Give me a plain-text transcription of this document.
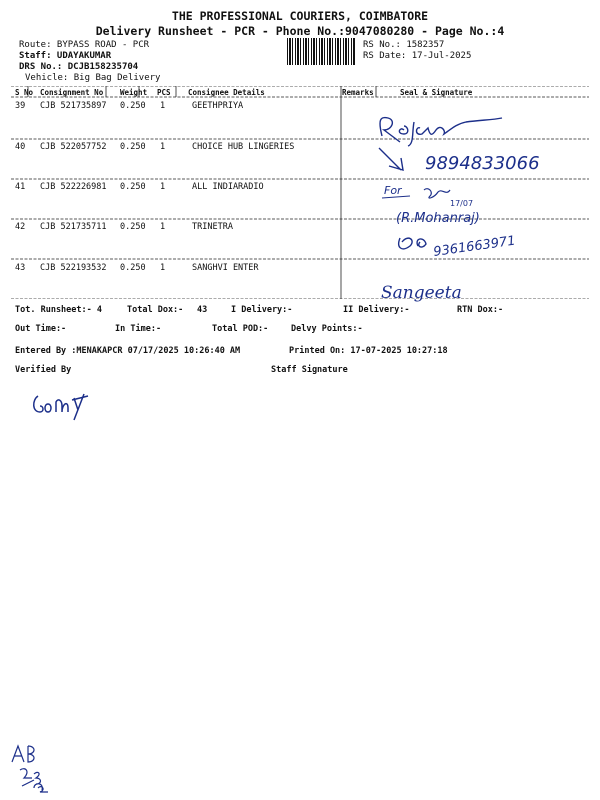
THE PROFESSIONAL COURIERS, COIMBATORE
Delivery Runsheet - PCR - Phone No.:9047080280 - Page No.:4
Route: BYPASS ROAD - PCR
Staff: UDAYAKUMAR
DRS No.: DCJB158235704
Vehicle: Big Bag Delivery
RS No.: 1582357
RS Date: 17-Jul-2025
S No Consignment No Weight PCS Consignee Details	Remarks	Seal & Signature
39 CJB 521735897 0.250 1	GEETHPRIYA
40 CJB 522057752 0.250 1	CHOICE HUB LINGERIES
41 CJB 522226981 0.250 1	ALL INDIARADIO
42 CJB 521735711 0.250 1	TRINETRA
43 CJB 522193532 0.250 1	SANGHVI ENTER
9894833066
For
17/07
(R.Mohanraj)
9361663971
Sangeeta
Tot. Runsheet:- 4	Total Dox:- 43	I Delivery:-	II Delivery:-	RTN Dox:-
Out Time:-	In Time:-	Total POD:-	Delvy Points:-
Entered By :MENAKAPCR 07/17/2025 10:26:40 AM	Printed On: 17-07-2025 10:27:18
Verified By	Staff Signature
